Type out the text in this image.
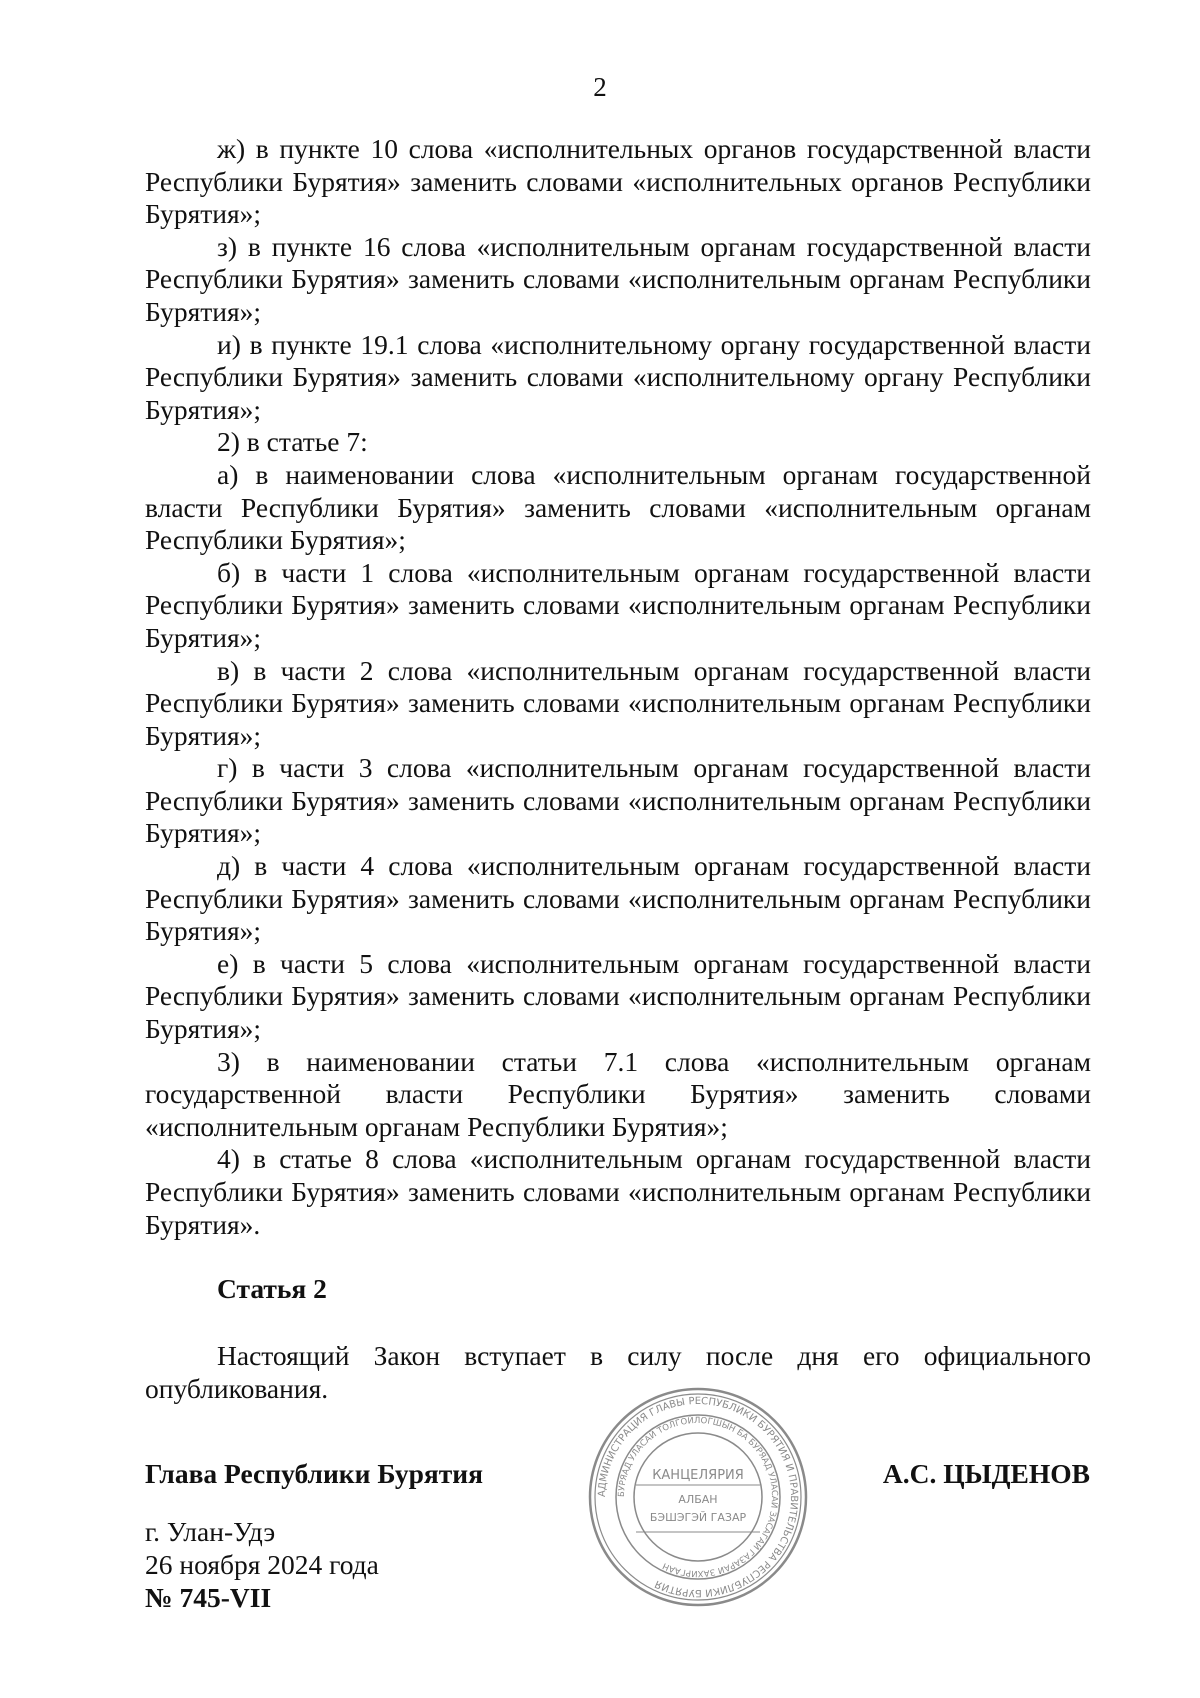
2

ж) в пункте 10 слова «исполнительных органов государственной власти Республики Бурятия» заменить словами «исполнительных органов Республики Бурятия»;

з) в пункте 16 слова «исполнительным органам государственной власти Республики Бурятия» заменить словами «исполнительным органам Республики Бурятия»;

и) в пункте 19.1 слова «исполнительному органу государственной власти Республики Бурятия» заменить словами «исполнительному органу Республики Бурятия»;

2) в статье 7:

а) в наименовании слова «исполнительным органам государственной власти Республики Бурятия» заменить словами «исполнительным органам Республики Бурятия»;

б) в части 1 слова «исполнительным органам государственной власти Республики Бурятия» заменить словами «исполнительным органам Республики Бурятия»;

в) в части 2 слова «исполнительным органам государственной власти Республики Бурятия» заменить словами «исполнительным органам Республики Бурятия»;

г) в части 3 слова «исполнительным органам государственной власти Республики Бурятия» заменить словами «исполнительным органам Республики Бурятия»;

д) в части 4 слова «исполнительным органам государственной власти Республики Бурятия» заменить словами «исполнительным органам Республики Бурятия»;

е) в части 5 слова «исполнительным органам государственной власти Республики Бурятия» заменить словами «исполнительным органам Республики Бурятия»;

3) в наименовании статьи 7.1 слова «исполнительным органам государственной власти Республики Бурятия» заменить словами «исполнительным органам Республики Бурятия»;

4) в статье 8 слова «исполнительным органам государственной власти Республики Бурятия» заменить словами «исполнительным органам Республики Бурятия».

Статья 2

Настоящий Закон вступает в силу после дня его официального опубликования.

Глава Республики Бурятия	А.С. ЦЫДЕНОВ
г. Улан-Удэ
26 ноября 2024 года
№ 745-VII
АДМИНИСТРАЦИЯ ГЛАВЫ РЕСПУБЛИКИ БУРЯТИЯ И ПРАВИТЕЛЬСТВА РЕСПУБЛИКИ БУРЯТИЯ
БУРЯАД УЛАСАЙ ТОЛГОЙЛОГШЫН БА БУРЯАД УЛАСАЙ ЗАСАГАЙ ГАЗАРАЙ ЗАХИРГААН
КАНЦЕЛЯРИЯ
АЛБАН
БЭШЭГЭЙ ГАЗАР
